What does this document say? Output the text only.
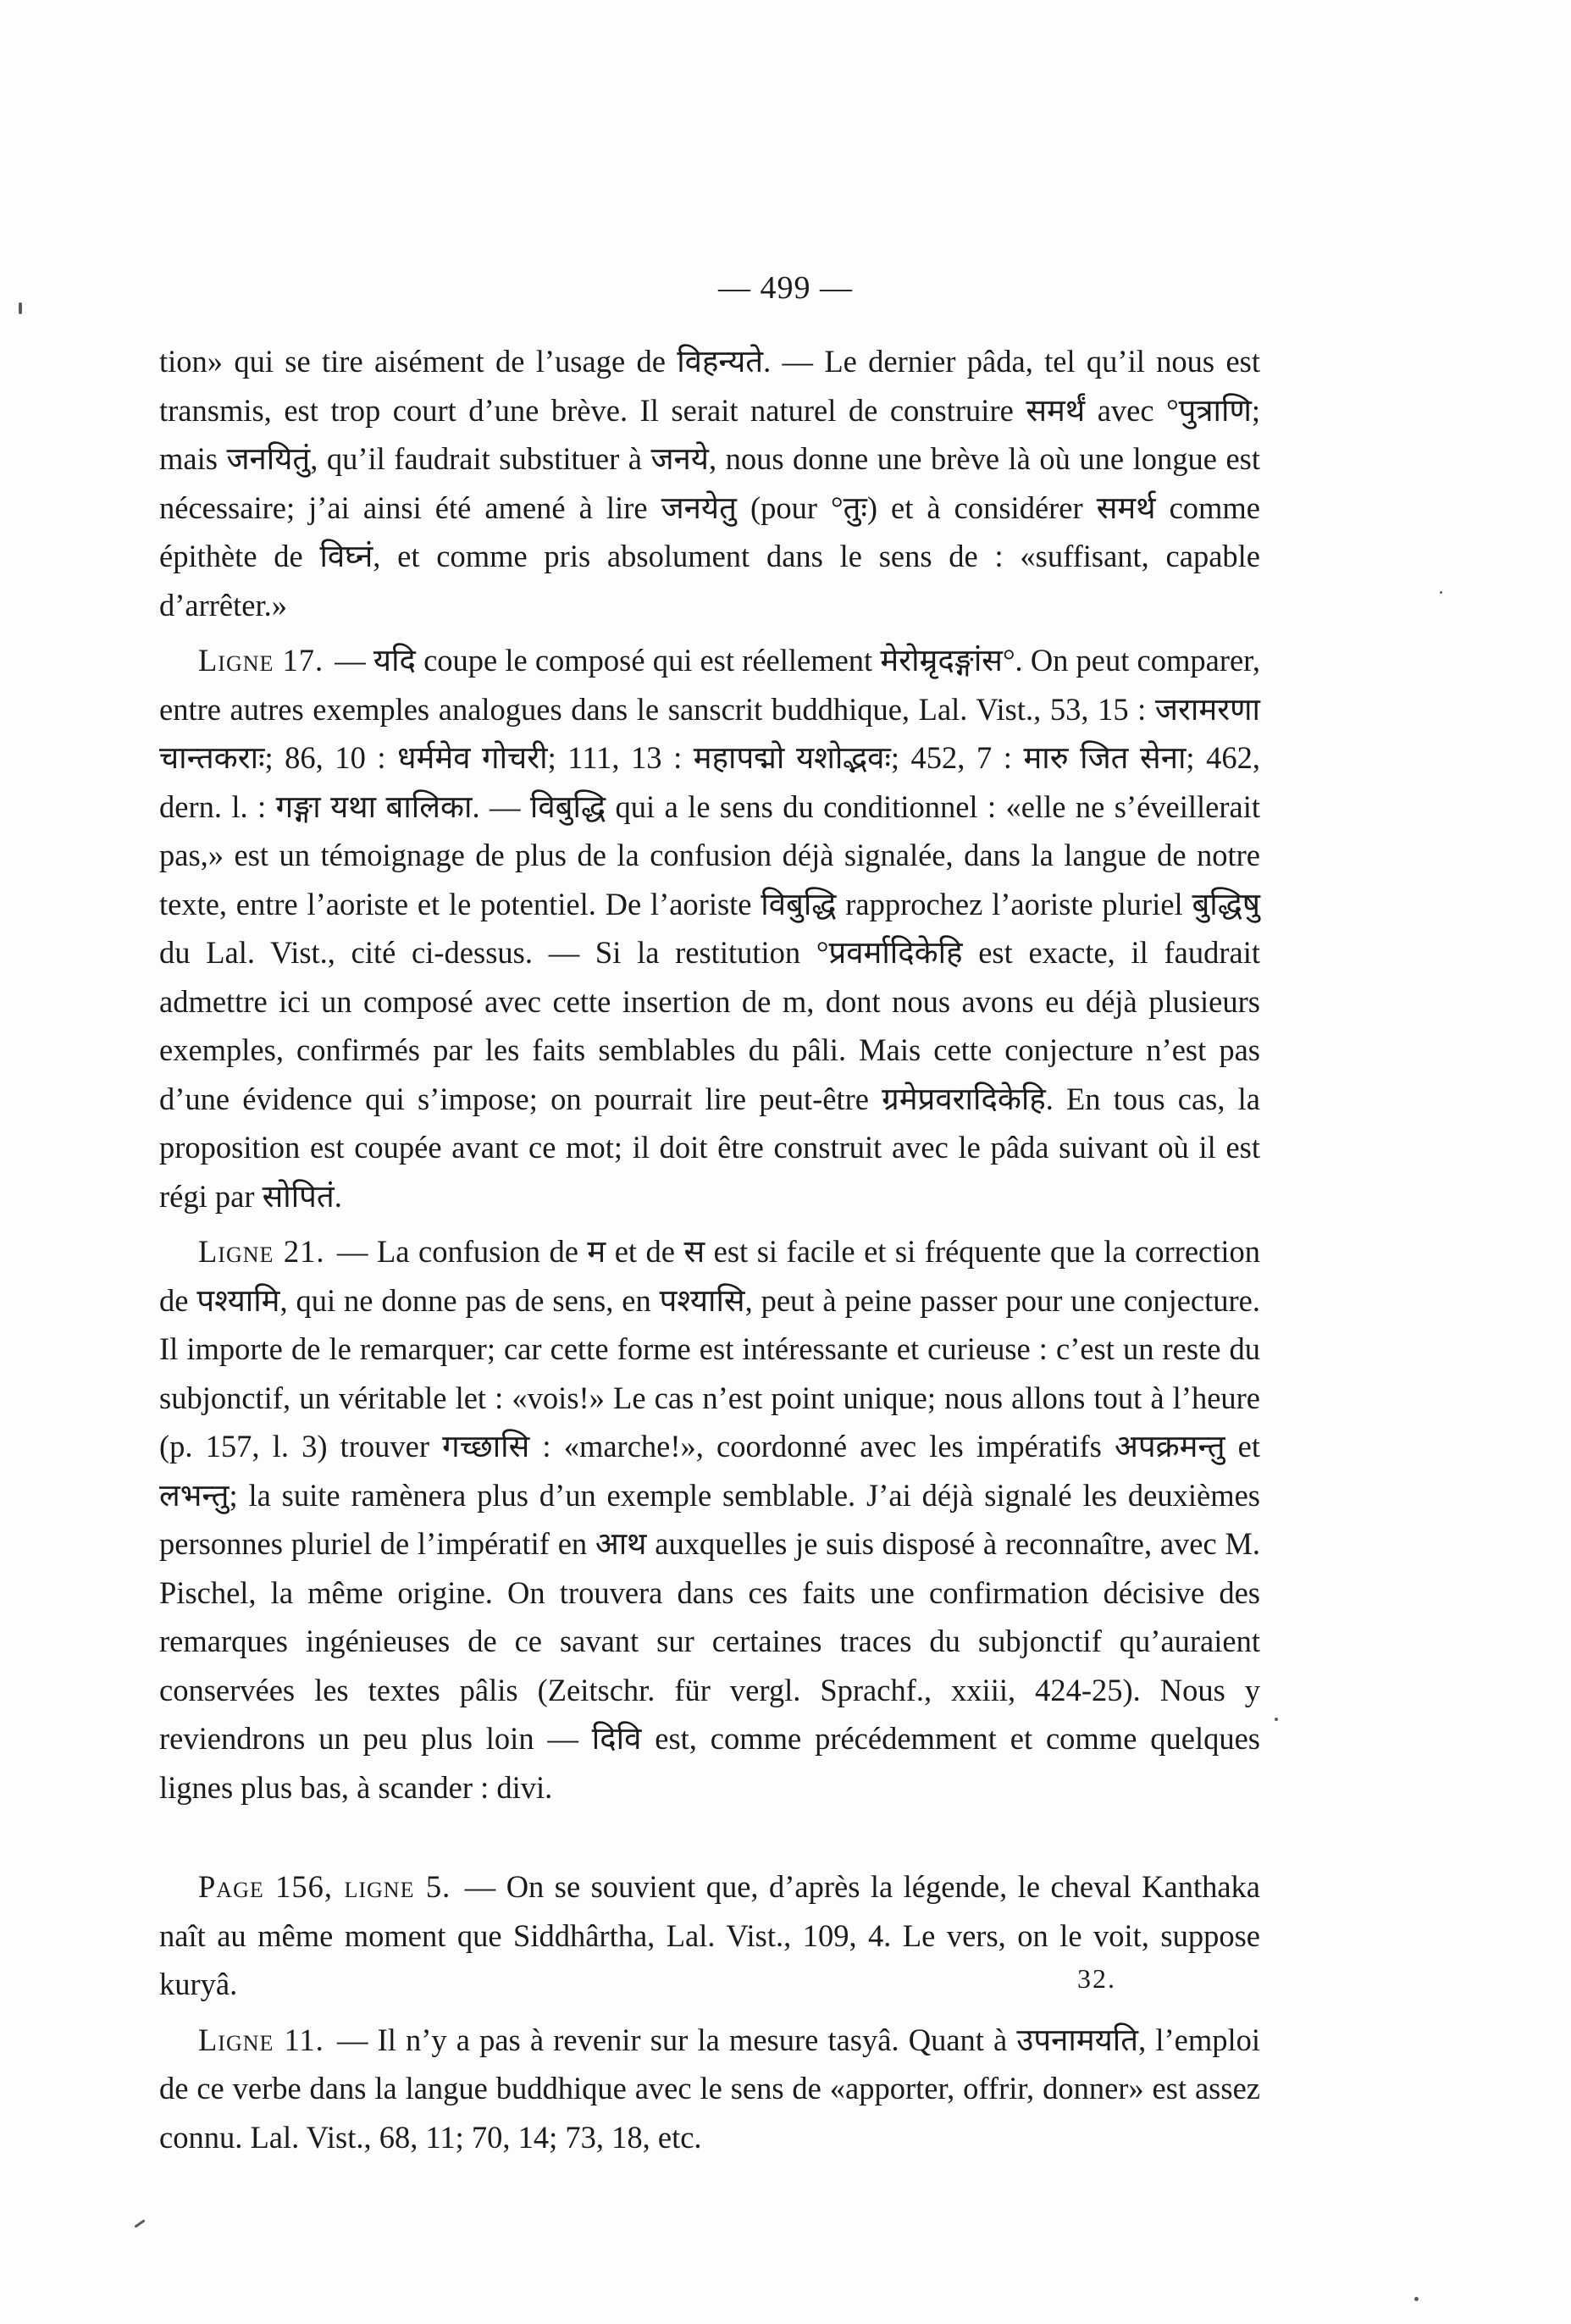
— 499 —

tion» qui se tire aisément de l’usage de विहन्यते. — Le dernier pâda, tel qu’il nous est transmis, est trop court d’une brève. Il serait naturel de construire समर्थं avec °पुत्राणि; mais जनयितुं, qu’il faudrait substituer à जनये, nous donne une brève là où une longue est nécessaire; j’ai ainsi été amené à lire जनयेतु (pour °तुः) et à considérer समर्थ comme épithète de विघ्नं, et comme pris absolument dans le sens de : «suffisant, capable d’arrêter.»

Ligne 17. — यदि coupe le composé qui est réellement मेरोम्रृदङ्गांस°. On peut comparer, entre autres exemples analogues dans le sanscrit buddhique, Lal. Vist., 53, 15 : जरामरणा चान्तकराः; 86, 10 : धर्ममेव गोचरी; 111, 13 : महापद्मो यशोद्भवः; 452, 7 : मारु जित सेना; 462, dern. l. : गङ्गा यथा बालिका. — विबुद्धि qui a le sens du conditionnel : «elle ne s’éveillerait pas,» est un témoignage de plus de la confusion déjà signalée, dans la langue de notre texte, entre l’aoriste et le potentiel. De l’aoriste विबुद्धि rapprochez l’aoriste pluriel बुद्धिषु du Lal. Vist., cité ci-dessus. — Si la restitution °प्रवर्मादिकेहि est exacte, il faudrait admettre ici un composé avec cette insertion de m, dont nous avons eu déjà plusieurs exemples, confirmés par les faits semblables du pâli. Mais cette conjecture n’est pas d’une évidence qui s’impose; on pourrait lire peut-être ग्रमेप्रवरादिकेहि. En tous cas, la proposition est coupée avant ce mot; il doit être construit avec le pâda suivant où il est régi par सोपितं.

Ligne 21. — La confusion de म et de स est si facile et si fréquente que la correction de पश्यामि, qui ne donne pas de sens, en पश्यासि, peut à peine passer pour une conjecture. Il importe de le remarquer; car cette forme est intéressante et curieuse : c’est un reste du subjonctif, un véritable let : «vois!» Le cas n’est point unique; nous allons tout à l’heure (p. 157, l. 3) trouver गच्छासि : «marche!», coordonné avec les impératifs अपक्रमन्तु et लभन्तु; la suite ramènera plus d’un exemple semblable. J’ai déjà signalé les deuxièmes personnes pluriel de l’impératif en आथ auxquelles je suis disposé à reconnaître, avec M. Pischel, la même origine. On trouvera dans ces faits une confirmation décisive des remarques ingénieuses de ce savant sur certaines traces du subjonctif qu’auraient conservées les textes pâlis (Zeitschr. für vergl. Sprachf., xxiii, 424-25). Nous y reviendrons un peu plus loin — दिवि est, comme précédemment et comme quelques lignes plus bas, à scander : divi.

Page 156, ligne 5. — On se souvient que, d’après la légende, le cheval Kanthaka naît au même moment que Siddhârtha, Lal. Vist., 109, 4. Le vers, on le voit, suppose kuryâ.

Ligne 11. — Il n’y a pas à revenir sur la mesure tasyâ. Quant à उपनामयति, l’emploi de ce verbe dans la langue buddhique avec le sens de «apporter, offrir, donner» est assez connu. Lal. Vist., 68, 11; 70, 14; 73, 18, etc.

32.
